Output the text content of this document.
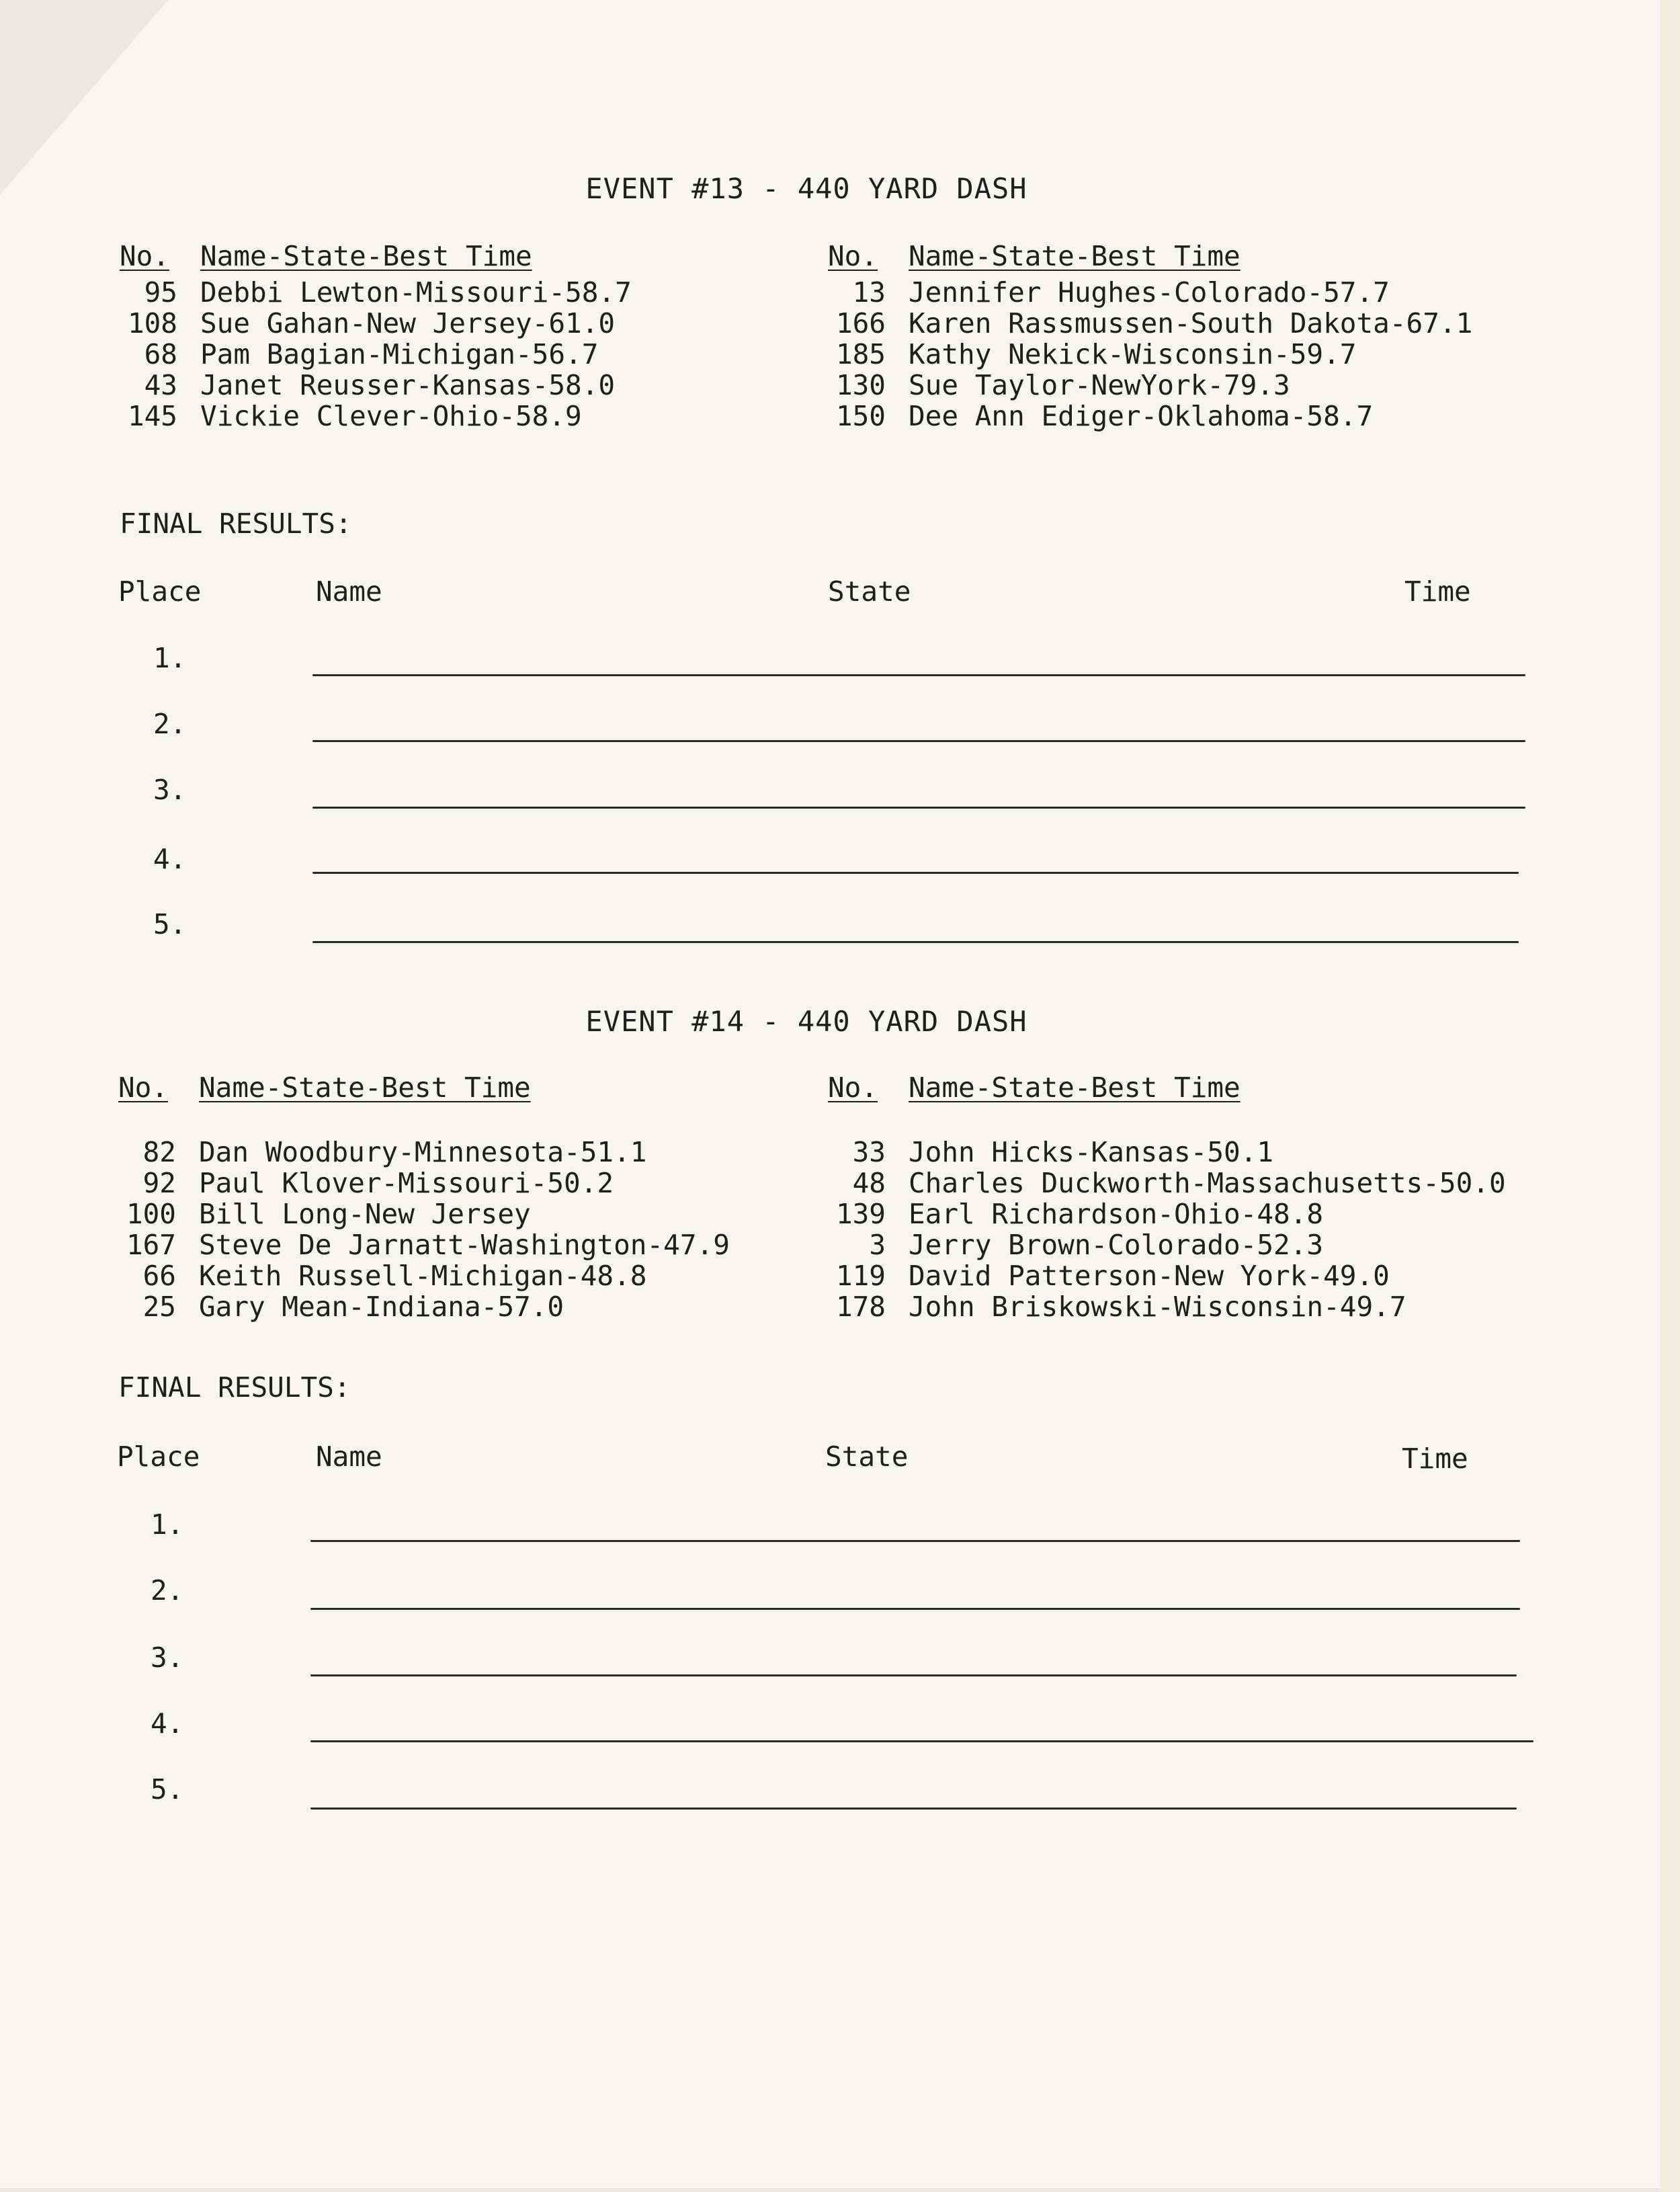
EVENT #13 - 440 YARD DASH
No. Name-State-Best Time
95 Debbi Lewton-Missouri-58.7
108 Sue Gahan-New Jersey-61.0
68 Pam Bagian-Michigan-56.7
43 Janet Reusser-Kansas-58.0
145 Vickie Clever-Ohio-58.9
No. Name-State-Best Time
13 Jennifer Hughes-Colorado-57.7
166 Karen Rassmussen-South Dakota-67.1
185 Kathy Nekick-Wisconsin-59.7
130 Sue Taylor-NewYork-79.3
150 Dee Ann Ediger-Oklahoma-58.7
FINAL RESULTS:
Place	Name	State	Time
1.
2.
3.
4.
5.
EVENT #14 - 440 YARD DASH
No. Name-State-Best Time
82 Dan Woodbury-Minnesota-51.1
92 Paul Klover-Missouri-50.2
100 Bill Long-New Jersey
167 Steve De Jarnatt-Washington-47.9
66 Keith Russell-Michigan-48.8
25 Gary Mean-Indiana-57.0
No. Name-State-Best Time
33 John Hicks-Kansas-50.1
48 Charles Duckworth-Massachusetts-50.0
139 Earl Richardson-Ohio-48.8
3 Jerry Brown-Colorado-52.3
119 David Patterson-New York-49.0
178 John Briskowski-Wisconsin-49.7
FINAL RESULTS:
Place	Name	State	Time
1.
2.
3.
4.
5.
